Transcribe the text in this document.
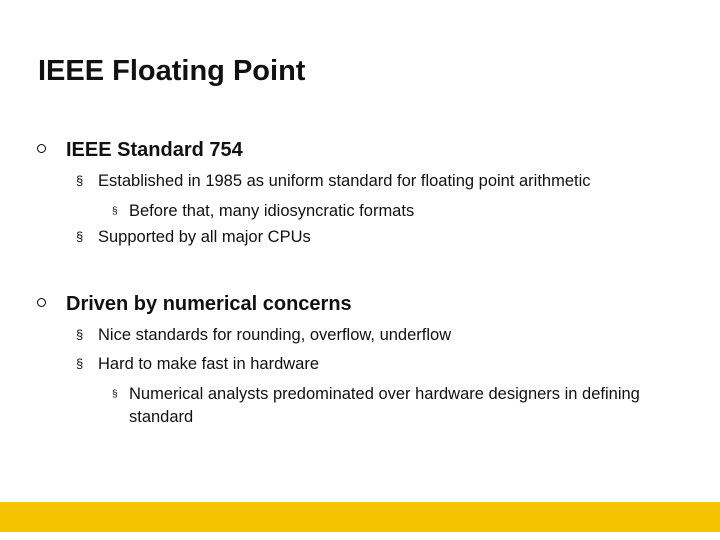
IEEE Floating Point
IEEE Standard 754
§ Established in 1985 as uniform standard for floating point arithmetic
§ Before that, many idiosyncratic formats
§ Supported by all major CPUs
Driven by numerical concerns
§ Nice standards for rounding, overflow, underflow
§ Hard to make fast in hardware
§ Numerical analysts predominated over hardware designers in defining standard
